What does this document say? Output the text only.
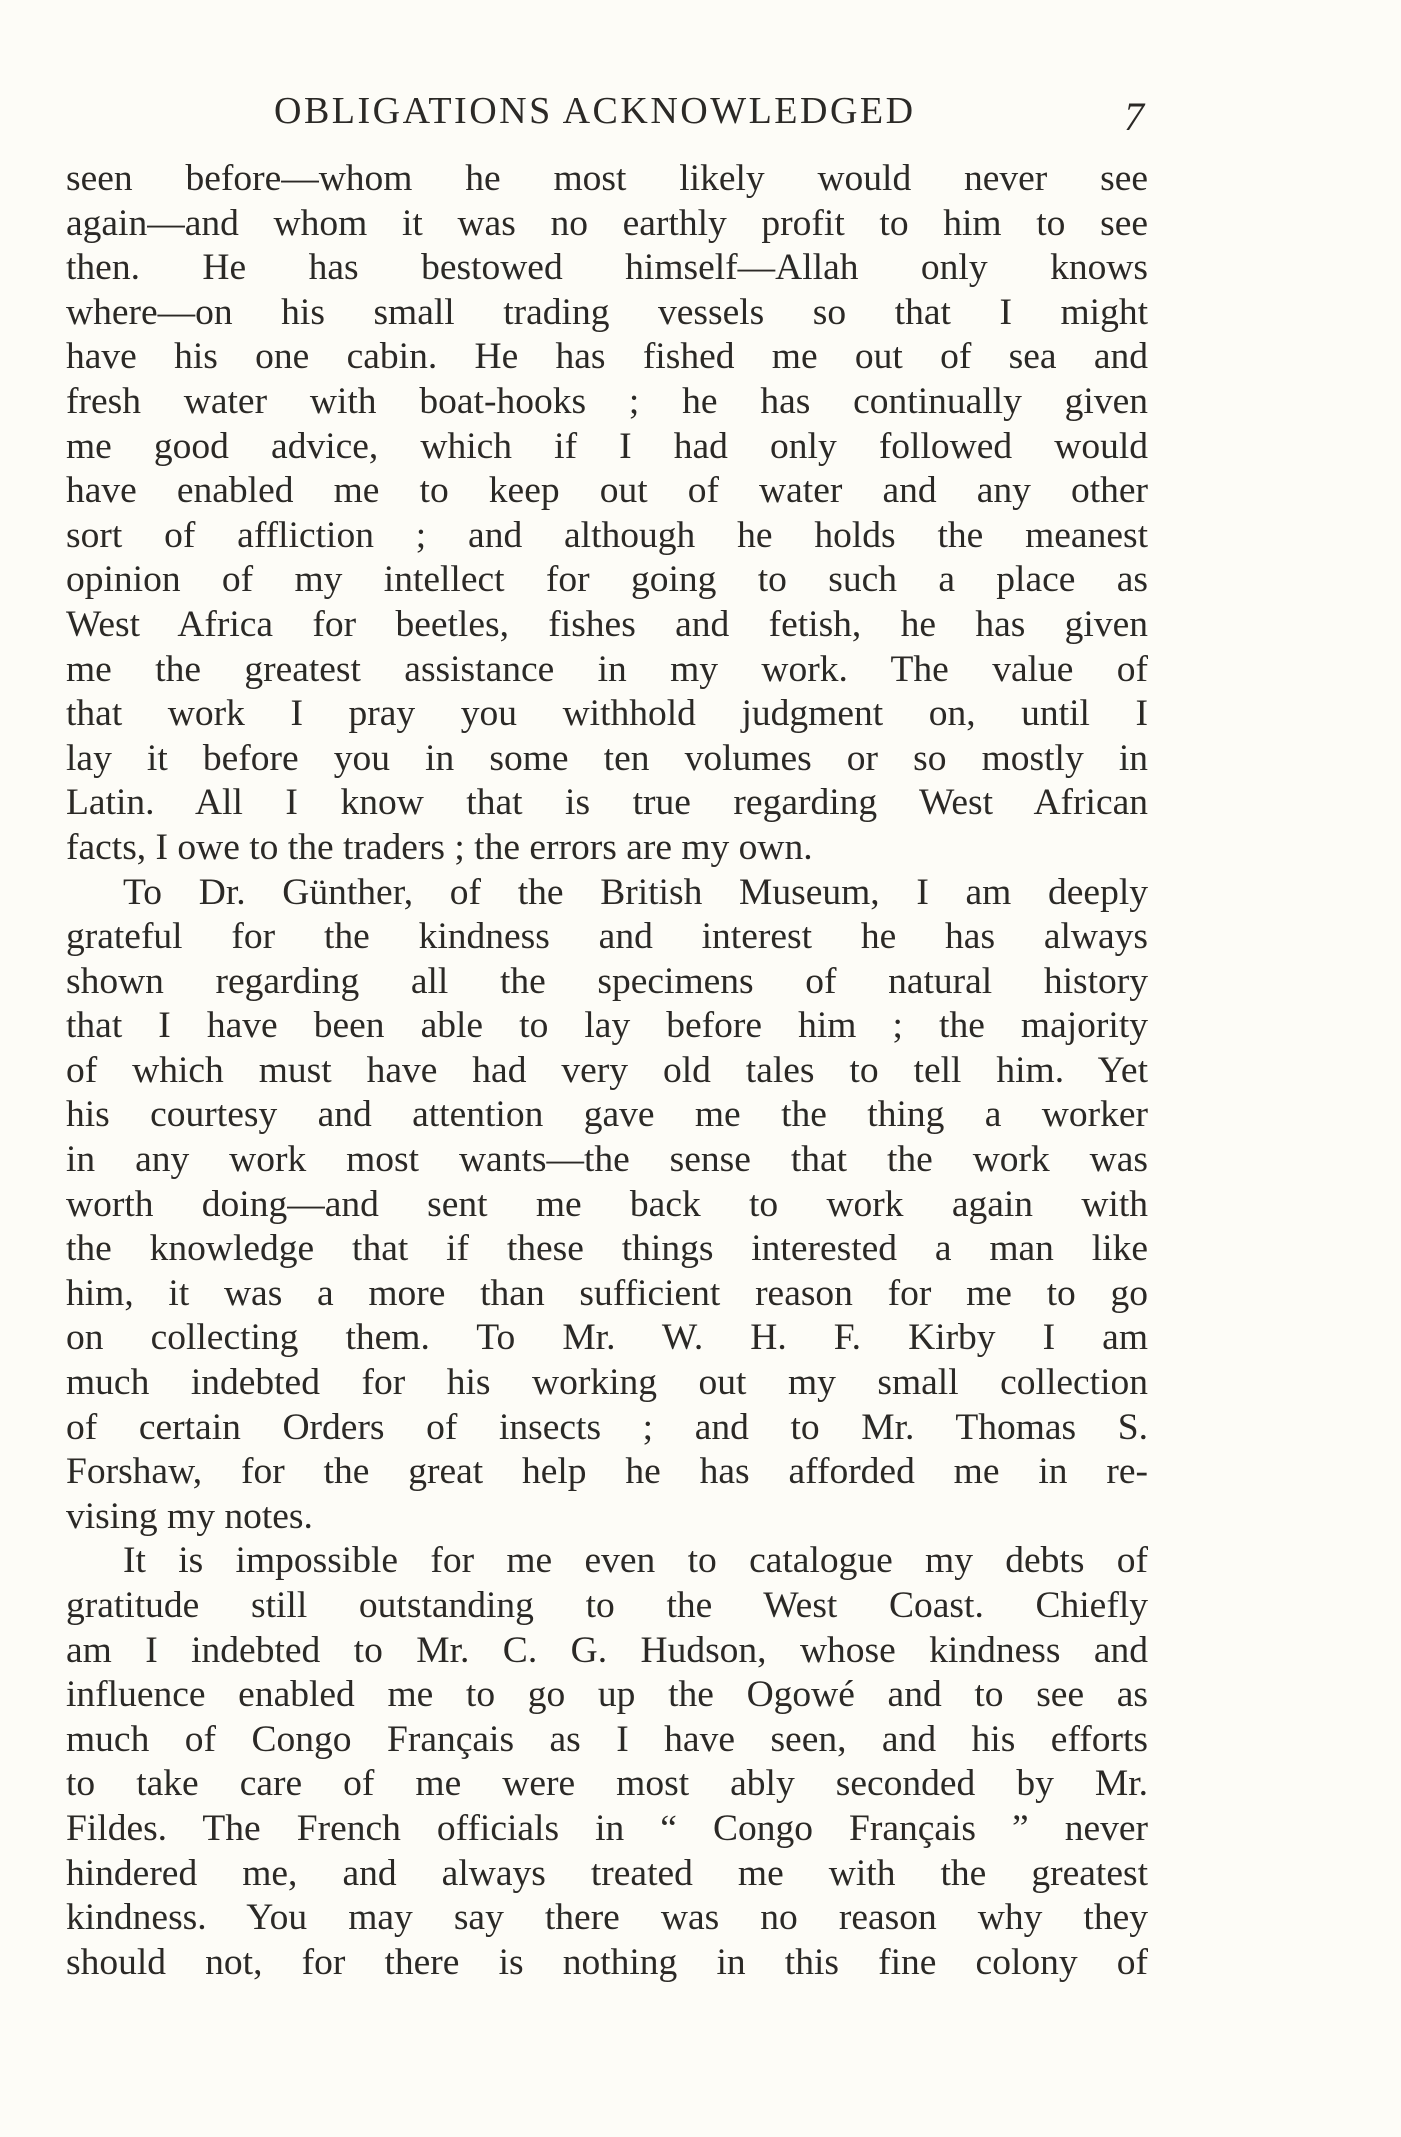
OBLIGATIONS ACKNOWLEDGED	7
seen before—whom he most likely would never see
again—and whom it was no earthly profit to him to see
then. He has bestowed himself—Allah only knows
where—on his small trading vessels so that I might
have his one cabin. He has fished me out of sea and
fresh water with boat-hooks ; he has continually given
me good advice, which if I had only followed would
have enabled me to keep out of water and any other
sort of affliction ; and although he holds the meanest
opinion of my intellect for going to such a place as
West Africa for beetles, fishes and fetish, he has given
me the greatest assistance in my work. The value of
that work I pray you withhold judgment on, until I
lay it before you in some ten volumes or so mostly in
Latin. All I know that is true regarding West African
facts, I owe to the traders ; the errors are my own.
To Dr. Günther, of the British Museum, I am deeply
grateful for the kindness and interest he has always
shown regarding all the specimens of natural history
that I have been able to lay before him ; the majority
of which must have had very old tales to tell him. Yet
his courtesy and attention gave me the thing a worker
in any work most wants—the sense that the work was
worth doing—and sent me back to work again with
the knowledge that if these things interested a man like
him, it was a more than sufficient reason for me to go
on collecting them. To Mr. W. H. F. Kirby I am
much indebted for his working out my small collection
of certain Orders of insects ; and to Mr. Thomas S.
Forshaw, for the great help he has afforded me in re-
vising my notes.
It is impossible for me even to catalogue my debts of
gratitude still outstanding to the West Coast. Chiefly
am I indebted to Mr. C. G. Hudson, whose kindness and
influence enabled me to go up the Ogowé and to see as
much of Congo Français as I have seen, and his efforts
to take care of me were most ably seconded by Mr.
Fildes. The French officials in “ Congo Français ” never
hindered me, and always treated me with the greatest
kindness. You may say there was no reason why they
should not, for there is nothing in this fine colony of
